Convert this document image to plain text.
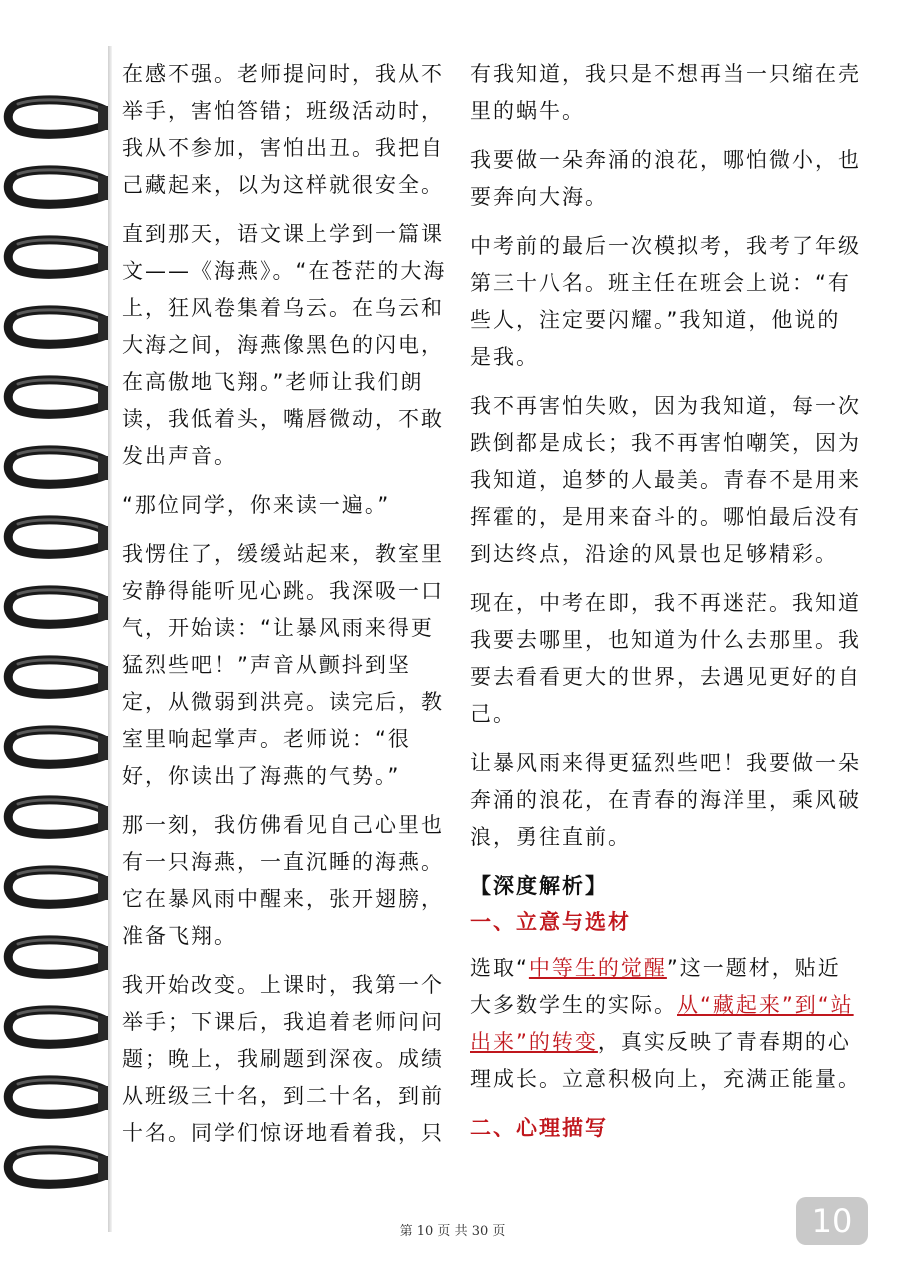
在感不强。老师提问时，我从不举手，害怕答错；班级活动时，我从不参加，害怕出丑。我把自己藏起来，以为这样就很安全。

直到那天，语文课上学到一篇课文——《海燕》。“在苍茫的大海上，狂风卷集着乌云。在乌云和大海之间，海燕像黑色的闪电，在高傲地飞翔。”老师让我们朗读，我低着头，嘴唇微动，不敢发出声音。

“那位同学，你来读一遍。”

我愣住了，缓缓站起来，教室里安静得能听见心跳。我深吸一口气，开始读：“让暴风雨来得更猛烈些吧！”声音从颤抖到坚定，从微弱到洪亮。读完后，教室里响起掌声。老师说：“很好，你读出了海燕的气势。”

那一刻，我仿佛看见自己心里也有一只海燕，一直沉睡的海燕。它在暴风雨中醒来，张开翅膀，准备飞翔。

我开始改变。上课时，我第一个举手；下课后，我追着老师问问题；晚上，我刷题到深夜。成绩从班级三十名，到二十名，到前十名。同学们惊讶地看着我，只

有我知道，我只是不想再当一只缩在壳里的蜗牛。

我要做一朵奔涌的浪花，哪怕微小，也要奔向大海。

中考前的最后一次模拟考，我考了年级第三十八名。班主任在班会上说：“有些人，注定要闪耀。”我知道，他说的是我。

我不再害怕失败，因为我知道，每一次跌倒都是成长；我不再害怕嘲笑，因为我知道，追梦的人最美。青春不是用来挥霍的，是用来奋斗的。哪怕最后没有到达终点，沿途的风景也足够精彩。

现在，中考在即，我不再迷茫。我知道我要去哪里，也知道为什么去那里。我要去看看更大的世界，去遇见更好的自己。

让暴风雨来得更猛烈些吧！我要做一朵奔涌的浪花，在青春的海洋里，乘风破浪，勇往直前。

【深度解析】
一、立意与选材

选取“中等生的觉醒”这一题材，贴近大多数学生的实际。从“藏起来”到“站出来”的转变，真实反映了青春期的心理成长。立意积极向上，充满正能量。

二、心理描写
第 10 页 共 30 页	10
